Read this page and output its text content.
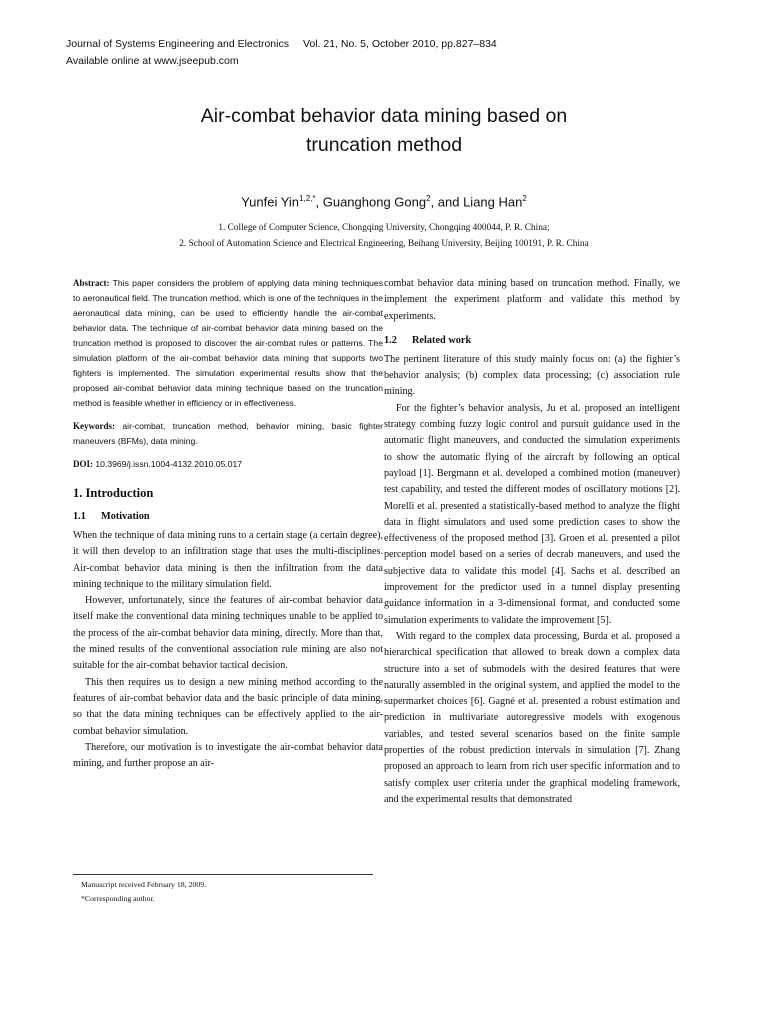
Journal of Systems Engineering and Electronics Vol. 21, No. 5, October 2010, pp.827–834
Available online at www.jseepub.com
Air-combat behavior data mining based on
truncation method
Yunfei Yin$^{1,2,*}$, Guanghong Gong$^2$, and Liang Han$^2$
1. College of Computer Science, Chongqing University, Chongqing 400044, P. R. China;
2. School of Automation Science and Electrical Engineering, Beihang University, Beijing 100191, P. R. China

Abstract: This paper considers the problem of applying data mining techniques to aeronautical field. The truncation method, which is one of the techniques in the aeronautical data mining, can be used to efficiently handle the air-combat behavior data. The technique of air-combat behavior data mining based on the truncation method is proposed to discover the air-combat rules or patterns. The simulation platform of the air-combat behavior data mining that supports two fighters is implemented. The simulation experimental results show that the proposed air-combat behavior data mining technique based on the truncation method is feasible whether in efficiency or in effectiveness.

Keywords: air-combat, truncation method, behavior mining, basic fighter maneuvers (BFMs), data mining.

DOI: 10.3969/j.issn.1004-4132.2010.05.017

1. Introduction
1.1 Motivation

When the technique of data mining runs to a certain stage (a certain degree), it will then develop to an infiltration stage that uses the multi-disciplines. Air-combat behavior data mining is then the infiltration from the data mining technique to the military simulation field.

However, unfortunately, since the features of air-combat behavior data itself make the conventional data mining techniques unable to be applied to the process of the air-combat behavior data mining, directly. More than that, the mined results of the conventional association rule mining are also not suitable for the air-combat behavior tactical decision.

This then requires us to design a new mining method according to the features of air-combat behavior data and the basic principle of data mining, so that the data mining techniques can be effectively applied to the air-combat behavior simulation.

Therefore, our motivation is to investigate the air-combat behavior data mining, and further propose an air-

Manuscript received February 18, 2009.
*Corresponding author.

combat behavior data mining based on truncation method. Finally, we implement the experiment platform and validate this method by experiments.

1.2 Related work

The pertinent literature of this study mainly focus on: (a) the fighter’s behavior analysis; (b) complex data processing; (c) association rule mining.

For the fighter’s behavior analysis, Ju et al. proposed an intelligent strategy combing fuzzy logic control and pursuit guidance used in the automatic flight maneuvers, and conducted the simulation experiments to show the automatic flying of the aircraft by following an optical payload [1]. Bergmann et al. developed a combined motion (maneuver) test capability, and tested the different modes of oscillatory motions [2]. Morelli et al. presented a statistically-based method to analyze the flight data in flight simulators and used some prediction cases to show the effectiveness of the proposed method [3]. Groen et al. presented a pilot perception model based on a series of decrab maneuvers, and used the subjective data to validate this model [4]. Sachs et al. described an improvement for the predictor used in a tunnel display presenting guidance information in a 3-dimensional format, and conducted some simulation experiments to validate the improvement [5].

With regard to the complex data processing, Burda et al. proposed a hierarchical specification that allowed to break down a complex data structure into a set of submodels with the desired features that were naturally assembled in the original system, and applied the model to the supermarket choices [6]. Gagné et al. presented a robust estimation and prediction in multivariate autoregressive models with exogenous variables, and tested several scenarios based on the finite sample properties of the robust prediction intervals in simulation [7]. Zhang proposed an approach to learn from rich user specific information and to satisfy complex user criteria under the graphical modeling framework, and the experimental results that demonstrated
